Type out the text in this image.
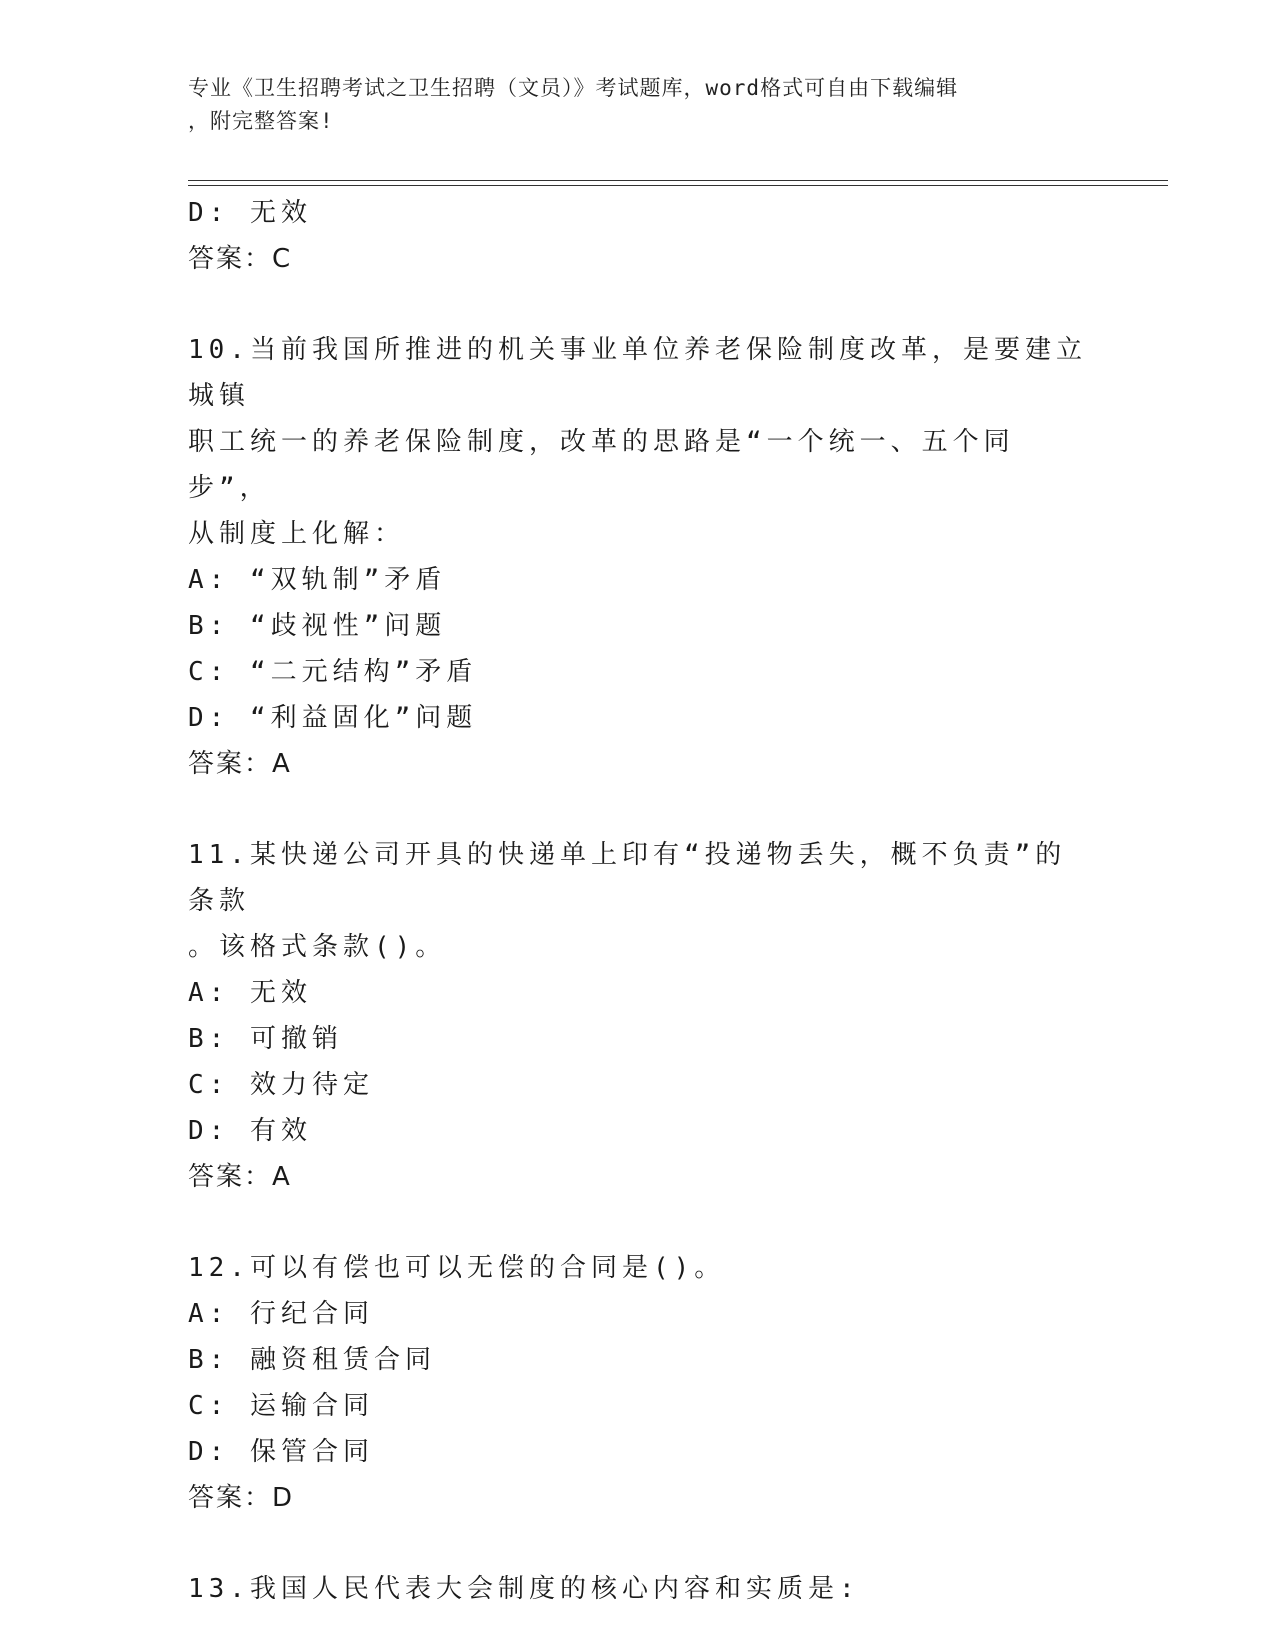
专业《卫生招聘考试之卫生招聘（文员）》考试题库，word格式可自由下载编辑
，附完整答案!
D: 无效
答案：C
10.当前我国所推进的机关事业单位养老保险制度改革，是要建立城镇
职工统一的养老保险制度，改革的思路是“一个统一、五个同步”，
从制度上化解：
A: “双轨制”矛盾
B: “歧视性”问题
C: “二元结构”矛盾
D: “利益固化”问题
答案：A
11.某快递公司开具的快递单上印有“投递物丢失，概不负责”的条款
。该格式条款()。
A: 无效
B: 可撤销
C: 效力待定
D: 有效
答案：A
12.可以有偿也可以无偿的合同是()。
A: 行纪合同
B: 融资租赁合同
C: 运输合同
D: 保管合同
答案：D
13.我国人民代表大会制度的核心内容和实质是:
